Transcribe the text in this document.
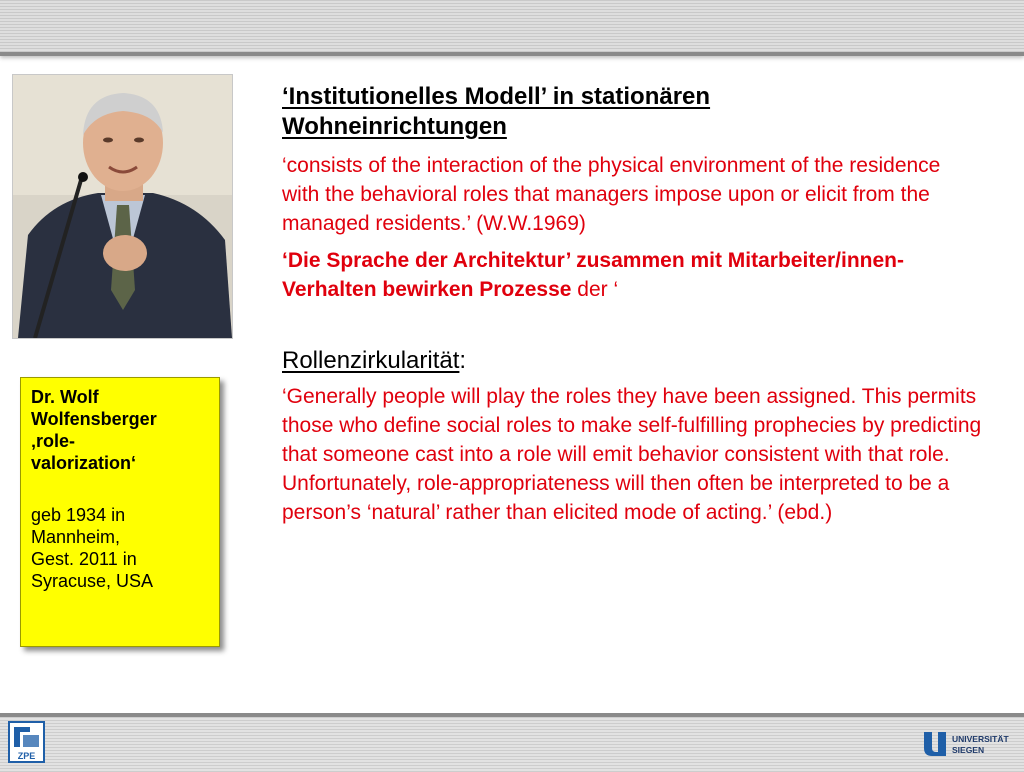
Dr. Wolf
Wolfensberger
‚role-
valorization‘
geb 1934 in
Mannheim,
Gest. 2011 in
Syracuse, USA
‘Institutionelles Modell’ in stationären
Wohneinrichtungen

‘consists of the interaction of the physical environment of the residence with the behavioral roles that managers impose upon or elicit from the managed residents.’ (W.W.1969)

‘Die Sprache der Architektur’ zusammen mit Mitarbeiter/innen-Verhalten bewirken Prozesse der ‘

Rollenzirkularität:

‘Generally people will play the roles they have been assigned. This permits those who define social roles to make self-fulfilling prophecies by predicting that someone cast into a role will emit behavior consistent with that role. Unfortunately, role-appropriateness will then often be interpreted to be a person’s ‘natural’ rather than elicited mode of acting.’ (ebd.)

ZPE
UNIVERSITÄT
SIEGEN
